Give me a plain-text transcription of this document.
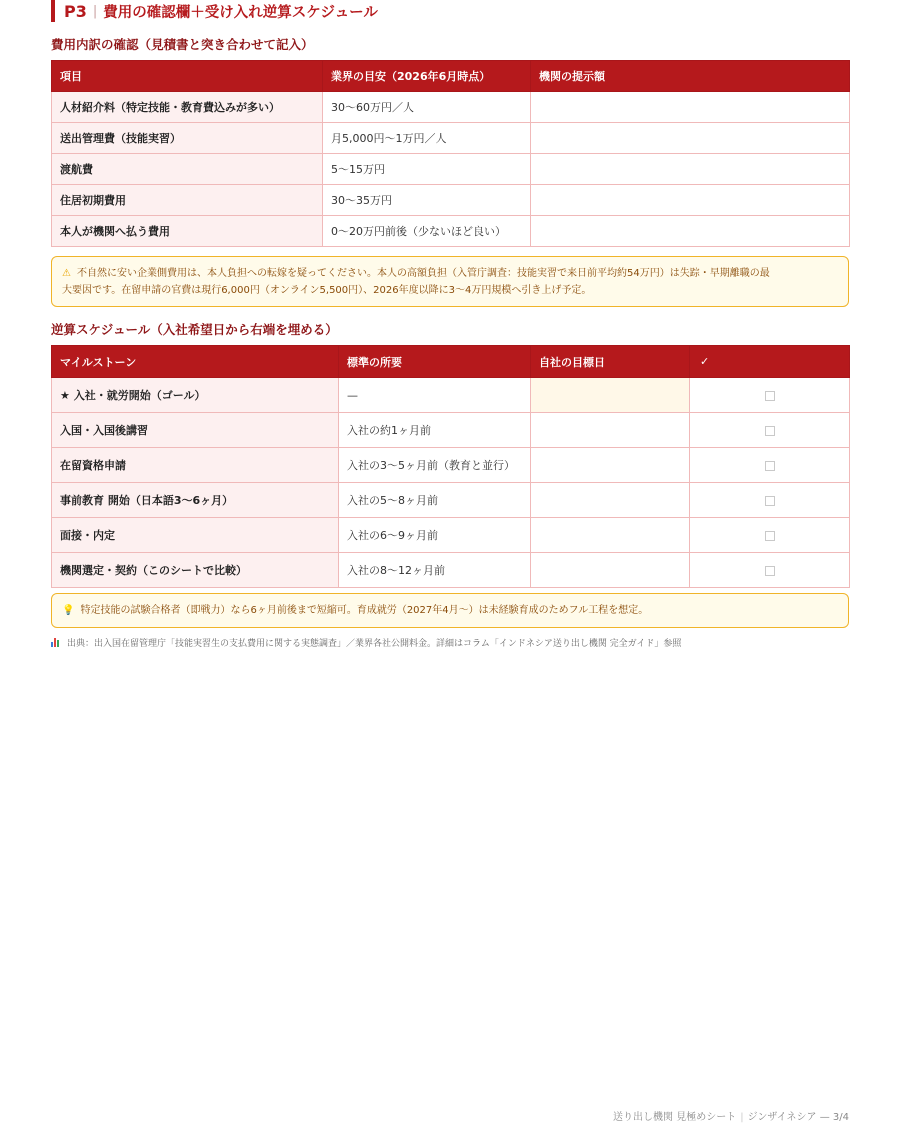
P3 | 費用の確認欄＋受け入れ逆算スケジュール
費用内訳の確認（見積書と突き合わせて記入）
項目	業界の目安（2026年6月時点）	機関の提示額
人材紹介料（特定技能・教育費込みが多い）	30〜60万円／人	
送出管理費（技能実習）	月5,000円〜1万円／人	
渡航費	5〜15万円	
住居初期費用	30〜35万円	
本人が機関へ払う費用	0〜20万円前後（少ないほど良い）	
⚠ 不自然に安い企業側費用は、本人負担への転嫁を疑ってください。本人の高額負担（入管庁調査：技能実習で来日前平均約54万円）は失踪・早期離職の最
大要因です。在留申請の官費は現行6,000円（オンライン5,500円）、2026年度以降に3〜4万円規模へ引き上げ予定。
逆算スケジュール（入社希望日から右端を埋める）
マイルストーン	標準の所要	自社の目標日	✓
★ 入社・就労開始（ゴール）	—		
入国・入国後講習	入社の約1ヶ月前		
在留資格申請	入社の3〜5ヶ月前（教育と並行）		
事前教育 開始（日本語3〜6ヶ月）	入社の5〜8ヶ月前		
面接・内定	入社の6〜9ヶ月前		
機関選定・契約（このシートで比較）	入社の8〜12ヶ月前		
💡 特定技能の試験合格者（即戦力）なら6ヶ月前後まで短縮可。育成就労（2027年4月〜）は未経験育成のためフル工程を想定。
出典：出入国在留管理庁「技能実習生の支払費用に関する実態調査」／業界各社公開料金。詳細はコラム「インドネシア送り出し機関 完全ガイド」参照
送り出し機関 見極めシート | ジンザイネシア — 3/4
